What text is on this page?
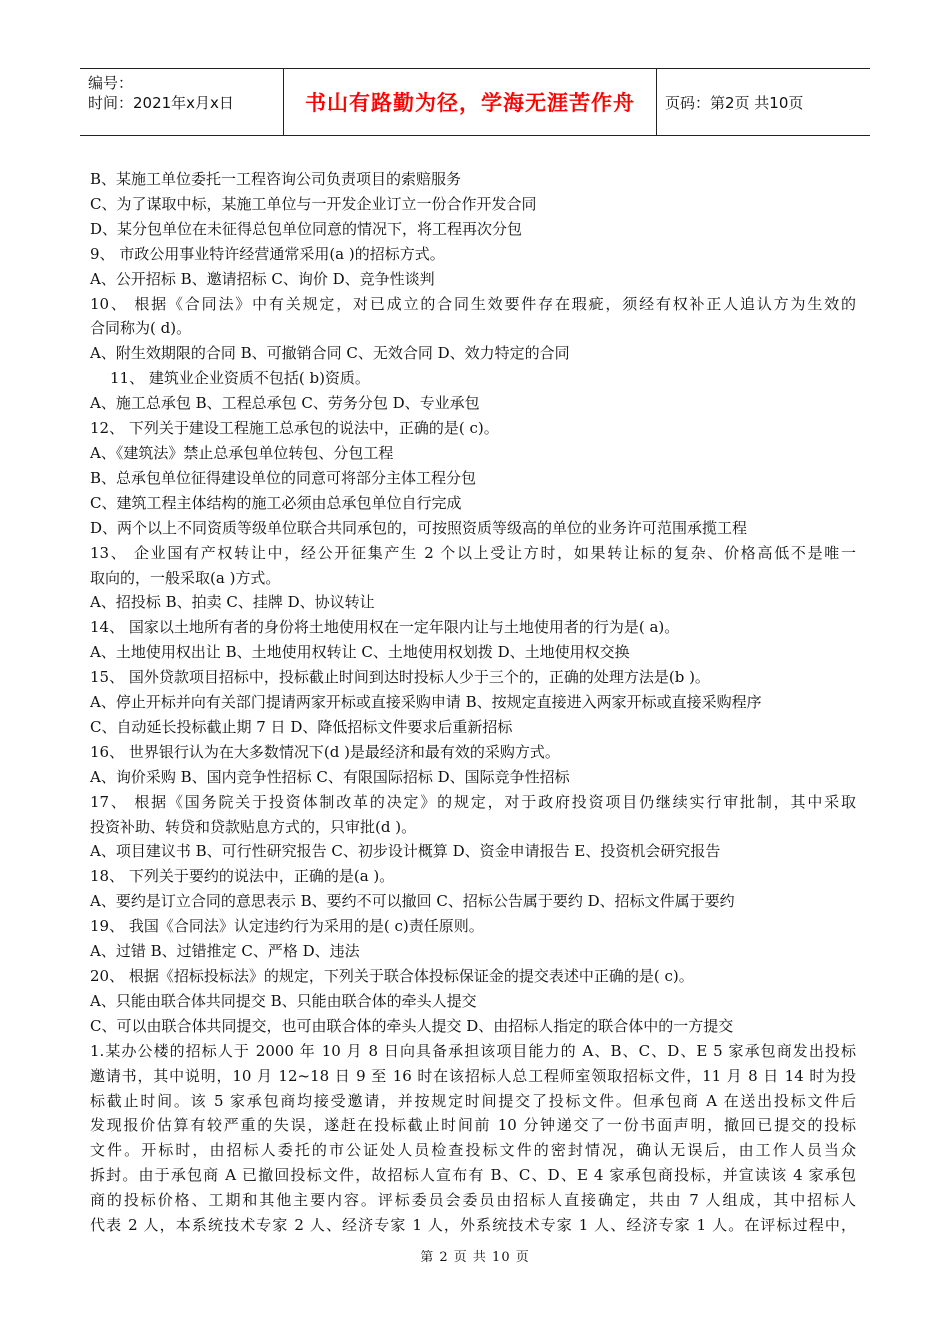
编号：
时间：2021年x月x日	书山有路勤为径，学海无涯苦作舟	页码：第2页 共10页
B、某施工单位委托一工程咨询公司负责项目的索赔服务
C、为了谋取中标，某施工单位与一开发企业订立一份合作开发合同
D、某分包单位在未征得总包单位同意的情况下，将工程再次分包
9、 市政公用事业特许经营通常采用(a )的招标方式。
A、公开招标 B、邀请招标 C、询价 D、竞争性谈判
10、 根据《合同法》中有关规定，对已成立的合同生效要件存在瑕疵，须经有权补正人追认方为生效的
合同称为( d)。
A、附生效期限的合同 B、可撤销合同 C、无效合同 D、效力特定的合同
11、 建筑业企业资质不包括( b)资质。
A、施工总承包 B、工程总承包 C、劳务分包 D、专业承包
12、 下列关于建设工程施工总承包的说法中，正确的是( c)。
A、《建筑法》禁止总承包单位转包、分包工程
B、总承包单位征得建设单位的同意可将部分主体工程分包
C、建筑工程主体结构的施工必须由总承包单位自行完成
D、两个以上不同资质等级单位联合共同承包的，可按照资质等级高的单位的业务许可范围承揽工程
13、 企业国有产权转让中，经公开征集产生 2 个以上受让方时，如果转让标的复杂、价格高低不是唯一
取向的，一般采取(a )方式。
A、招投标 B、拍卖 C、挂牌 D、协议转让
14、 国家以土地所有者的身份将土地使用权在一定年限内让与土地使用者的行为是( a)。
A、土地使用权出让 B、土地使用权转让 C、土地使用权划拨 D、土地使用权交换
15、 国外贷款项目招标中，投标截止时间到达时投标人少于三个的，正确的处理方法是(b )。
A、停止开标并向有关部门提请两家开标或直接采购申请 B、按规定直接进入两家开标或直接采购程序
C、自动延长投标截止期 7 日 D、降低招标文件要求后重新招标
16、 世界银行认为在大多数情况下(d )是最经济和最有效的采购方式。
A、询价采购 B、国内竞争性招标 C、有限国际招标 D、国际竞争性招标
17、 根据《国务院关于投资体制改革的决定》的规定，对于政府投资项目仍继续实行审批制，其中采取
投资补助、转贷和贷款贴息方式的，只审批(d )。
A、项目建议书 B、可行性研究报告 C、初步设计概算 D、资金申请报告 E、投资机会研究报告
18、 下列关于要约的说法中，正确的是(a )。
A、要约是订立合同的意思表示 B、要约不可以撤回 C、招标公告属于要约 D、招标文件属于要约
19、 我国《合同法》认定违约行为采用的是( c)责任原则。
A、过错 B、过错推定 C、严格 D、违法
20、 根据《招标投标法》的规定，下列关于联合体投标保证金的提交表述中正确的是( c)。
A、只能由联合体共同提交 B、只能由联合体的牵头人提交
C、可以由联合体共同提交，也可由联合体的牵头人提交 D、由招标人指定的联合体中的一方提交
1.某办公楼的招标人于 2000 年 10 月 8 日向具备承担该项目能力的 A、B、C、D、E 5 家承包商发出投标
邀请书，其中说明，10 月 12~18 日 9 至 16 时在该招标人总工程师室领取招标文件，11 月 8 日 14 时为投
标截止时间。该 5 家承包商均接受邀请，并按规定时间提交了投标文件。但承包商 A 在送出投标文件后
发现报价估算有较严重的失误，遂赶在投标截止时间前 10 分钟递交了一份书面声明，撤回已提交的投标
文件。开标时，由招标人委托的市公证处人员检查投标文件的密封情况，确认无误后，由工作人员当众
拆封。由于承包商 A 已撤回投标文件，故招标人宣布有 B、C、D、E 4 家承包商投标，并宣读该 4 家承包
商的投标价格、工期和其他主要内容。评标委员会委员由招标人直接确定，共由 7 人组成，其中招标人
代表 2 人，本系统技术专家 2 人、经济专家 1 人，外系统技术专家 1 人、经济专家 1 人。在评标过程中，
第 2 页 共 10 页
